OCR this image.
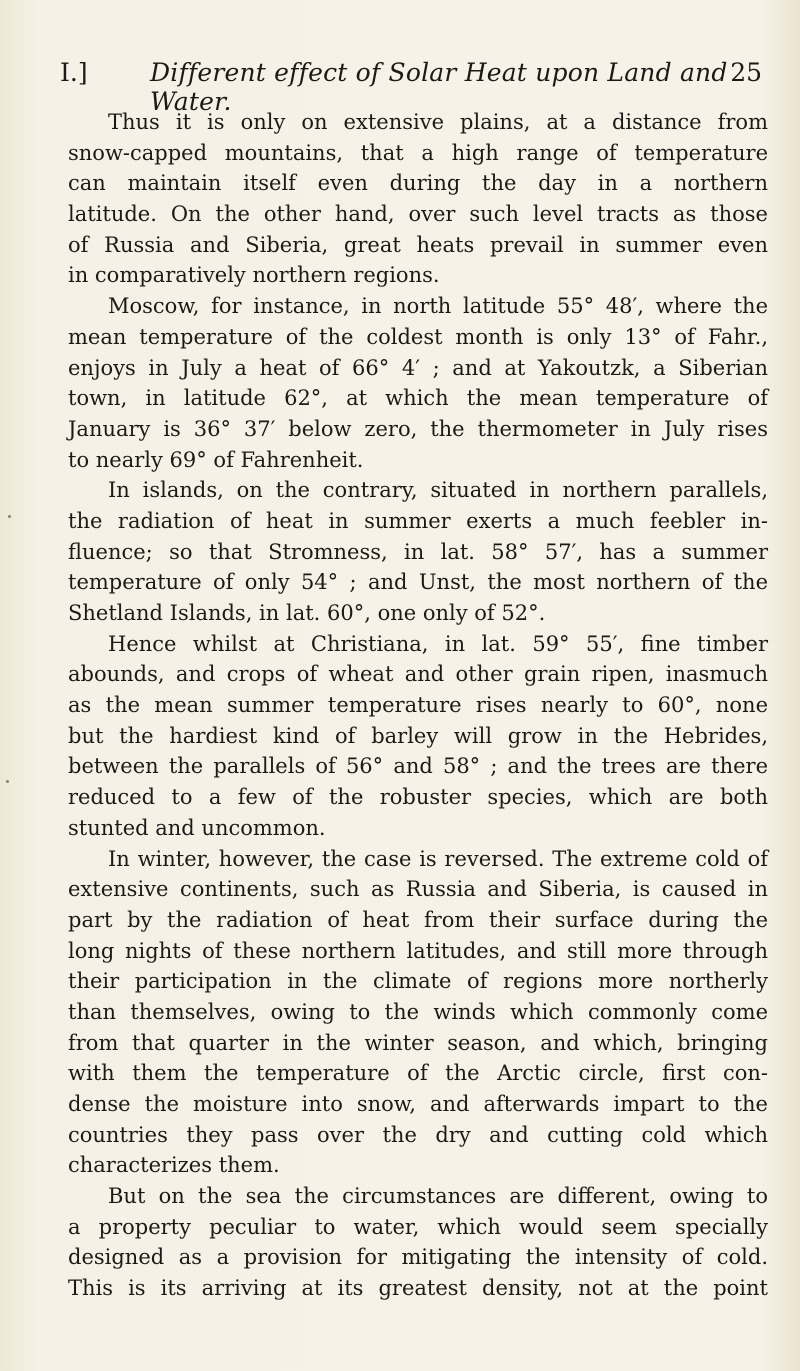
I.] Different effect of Solar Heat upon Land and Water.
25
Thus it is only on extensive plains, at a distance from
snow-capped mountains, that a high range of temperature
can maintain itself even during the day in a northern
latitude. On the other hand, over such level tracts as those
of Russia and Siberia, great heats prevail in summer even
in comparatively northern regions.
Moscow, for instance, in north latitude 55° 48′, where the
mean temperature of the coldest month is only 13° of Fahr.,
enjoys in July a heat of 66° 4′ ; and at Yakoutzk, a Siberian
town, in latitude 62°, at which the mean temperature of
January is 36° 37′ below zero, the thermometer in July rises
to nearly 69° of Fahrenheit.
In islands, on the contrary, situated in northern parallels,
the radiation of heat in summer exerts a much feebler in-
fluence; so that Stromness, in lat. 58° 57′, has a summer
temperature of only 54° ; and Unst, the most northern of the
Shetland Islands, in lat. 60°, one only of 52°.
Hence whilst at Christiana, in lat. 59° 55′, fine timber
abounds, and crops of wheat and other grain ripen, inasmuch
as the mean summer temperature rises nearly to 60°, none
but the hardiest kind of barley will grow in the Hebrides,
between the parallels of 56° and 58° ; and the trees are there
reduced to a few of the robuster species, which are both
stunted and uncommon.
In winter, however, the case is reversed. The extreme cold of
extensive continents, such as Russia and Siberia, is caused in
part by the radiation of heat from their surface during the
long nights of these northern latitudes, and still more through
their participation in the climate of regions more northerly
than themselves, owing to the winds which commonly come
from that quarter in the winter season, and which, bringing
with them the temperature of the Arctic circle, first con-
dense the moisture into snow, and afterwards impart to the
countries they pass over the dry and cutting cold which
characterizes them.
But on the sea the circumstances are different, owing to
a property peculiar to water, which would seem specially
designed as a provision for mitigating the intensity of cold.
This is its arriving at its greatest density, not at the point
